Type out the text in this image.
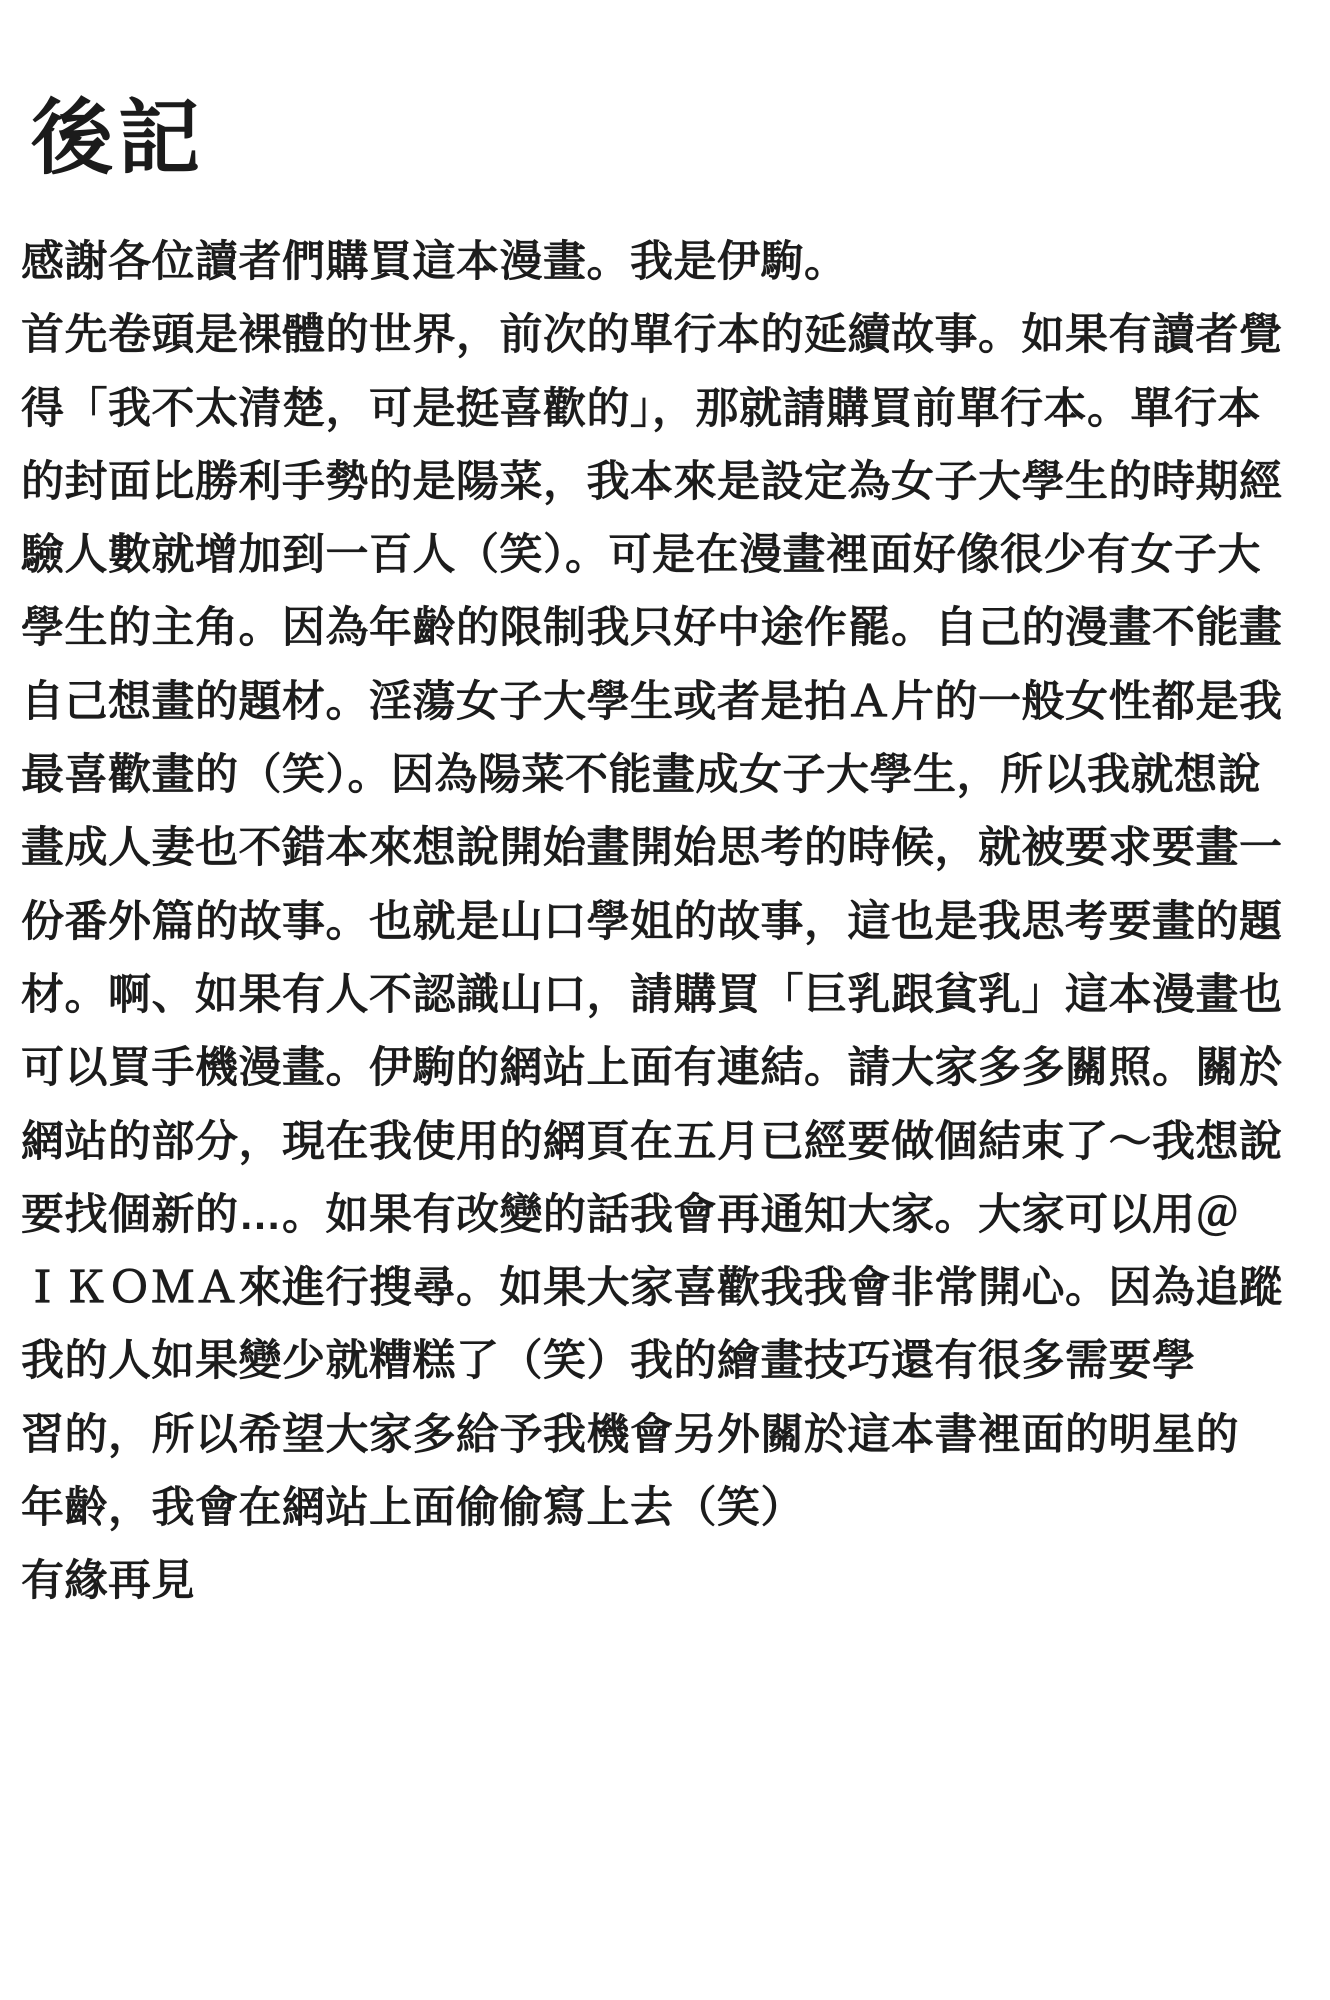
後記
感謝各位讀者們購買這本漫畫。我是伊駒。
首先卷頭是裸體的世界，前次的單行本的延續故事。如果有讀者覺
得「我不太清楚，可是挺喜歡的」，那就請購買前單行本。單行本
的封面比勝利手勢的是陽菜，我本來是設定為女子大學生的時期經
驗人數就增加到一百人（笑）。可是在漫畫裡面好像很少有女子大
學生的主角。因為年齡的限制我只好中途作罷。自己的漫畫不能畫
自己想畫的題材。淫蕩女子大學生或者是拍Ａ片的一般女性都是我
最喜歡畫的（笑）。因為陽菜不能畫成女子大學生，所以我就想說
畫成人妻也不錯本來想說開始畫開始思考的時候，就被要求要畫一
份番外篇的故事。也就是山口學姐的故事，這也是我思考要畫的題
材。啊、如果有人不認識山口，請購買「巨乳跟貧乳」這本漫畫也
可以買手機漫畫。伊駒的網站上面有連結。請大家多多關照。關於
網站的部分，現在我使用的網頁在五月已經要做個結束了～我想說
要找個新的…。如果有改變的話我會再通知大家。大家可以用＠
ＩＫＯＭＡ來進行搜尋。如果大家喜歡我我會非常開心。因為追蹤
我的人如果變少就糟糕了（笑）我的繪畫技巧還有很多需要學
習的，所以希望大家多給予我機會另外關於這本書裡面的明星的
年齡，我會在網站上面偷偷寫上去（笑）
有緣再見
